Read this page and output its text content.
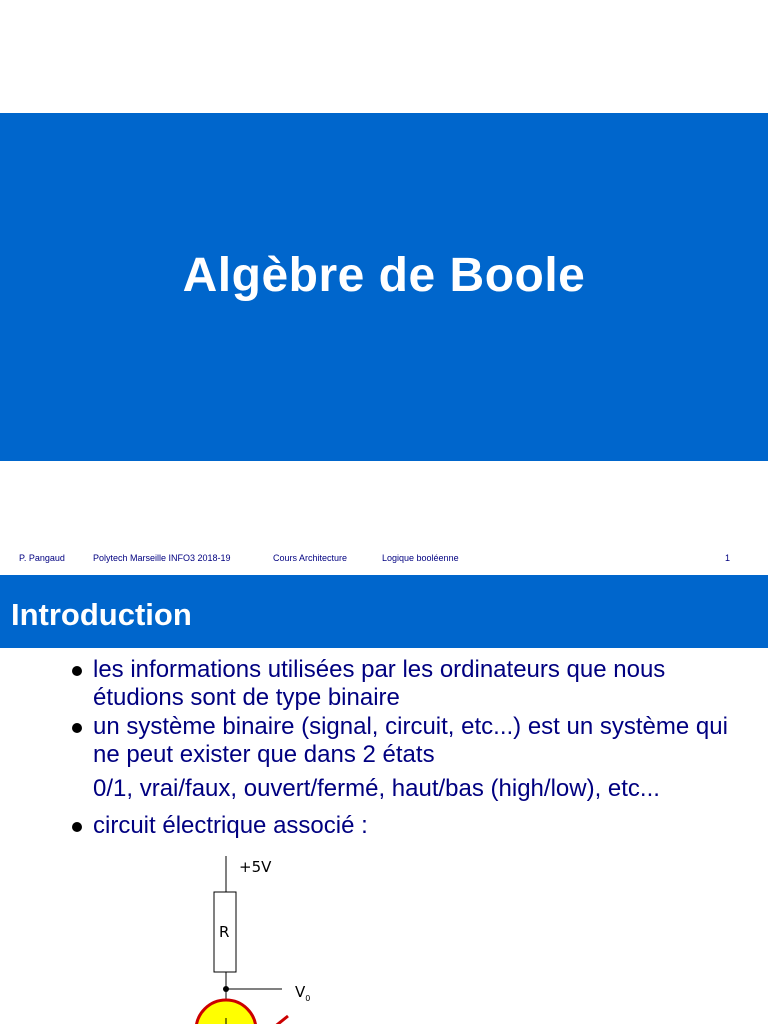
Algèbre de Boole
P. Pangaud	Polytech Marseille INFO3 2018-19	Cours Architecture	Logique booléenne	1
Introduction
les informations utilisées par les ordinateurs que nous étudions sont de type binaire
un système binaire (signal, circuit, etc...) est un système qui ne peut exister que dans 2 états
0/1, vrai/faux, ouvert/fermé, haut/bas (high/low), etc...
circuit électrique associé :
+5V
R
$V_0$
